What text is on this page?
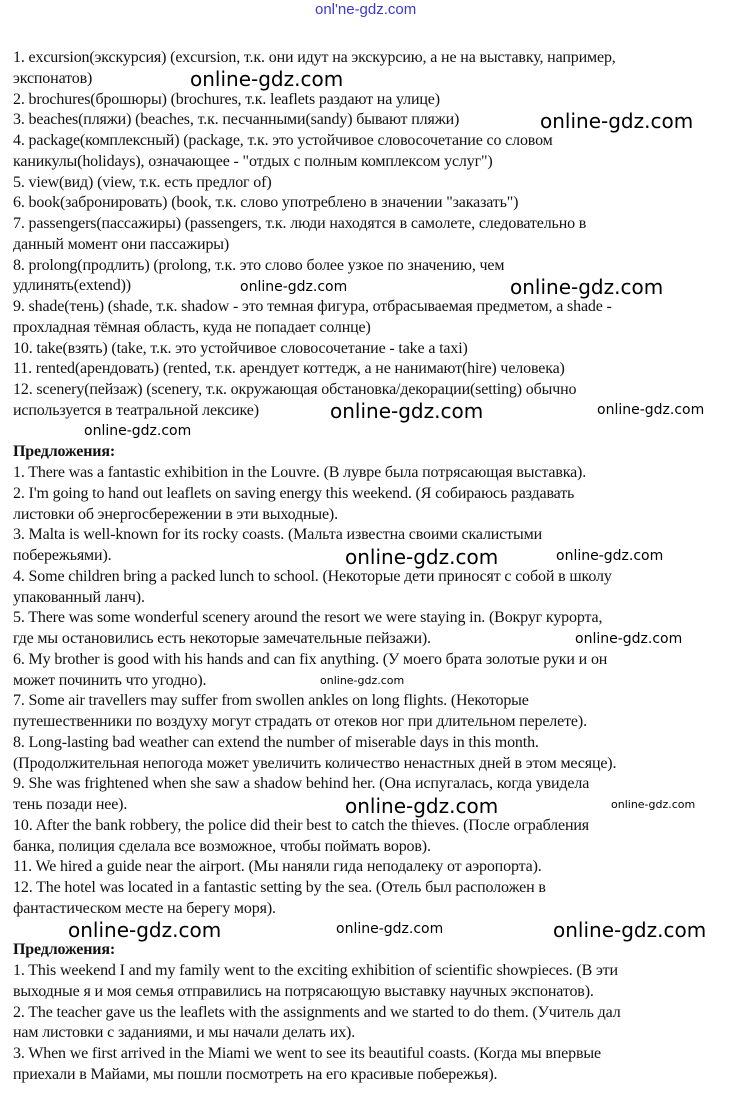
onl'ne-gdz.com
1. excursion(экскурсия) (excursion, т.к. они идут на экскурсию, а не на выставку, например,
экспонатов)
2. brochures(брошюры) (brochures, т.к. leaflets раздают на улице)
3. beaches(пляжи) (beaches, т.к. песчанными(sandy) бывают пляжи)
4. package(комплексный) (package, т.к. это устойчивое словосочетание со словом
каникулы(holidays), означающее - "отдых с полным комплексом услуг")
5. view(вид) (view, т.к. есть предлог of)
6. book(забронировать) (book, т.к. слово употреблено в значении "заказать")
7. passengers(пассажиры) (passengers, т.к. люди находятся в самолете, следовательно в
данный момент они пассажиры)
8. prolong(продлить) (prolong, т.к. это слово более узкое по значению, чем
удлинять(extend))
9. shade(тень) (shade, т.к. shadow - это темная фигура, отбрасываемая предметом, а shade -
прохладная тёмная область, куда не попадает солнце)
10. take(взять) (take, т.к. это устойчивое словосочетание - take a taxi)
11. rented(арендовать) (rented, т.к. арендует коттедж, а не нанимают(hire) человека)
12. scenery(пейзаж) (scenery, т.к. окружающая обстановка/декорации(setting) обычно
используется в театральной лексике)
Предложения:
1. There was a fantastic exhibition in the Louvre. (В лувре была потрясающая выставка).
2. I'm going to hand out leaflets on saving energy this weekend. (Я собираюсь раздавать
листовки об энергосбережении в эти выходные).
3. Malta is well-known for its rocky coasts. (Мальта известна своими скалистыми
побережьями).
4. Some children bring a packed lunch to school. (Некоторые дети приносят с собой в школу
упакованный ланч).
5. There was some wonderful scenery around the resort we were staying in. (Вокруг курорта,
где мы остановились есть некоторые замечательные пейзажи).
6. My brother is good with his hands and can fix anything. (У моего брата золотые руки и он
может починить что угодно).
7. Some air travellers may suffer from swollen ankles on long flights. (Некоторые
путешественники по воздуху могут страдать от отеков ног при длительном перелете).
8. Long-lasting bad weather can extend the number of miserable days in this month.
(Продолжительная непогода может увеличить количество ненастных дней в этом месяце).
9. She was frightened when she saw a shadow behind her. (Она испугалась, когда увидела
тень позади нее).
10. After the bank robbery, the police did their best to catch the thieves. (После ограбления
банка, полиция сделала все возможное, чтобы поймать воров).
11. We hired a guide near the airport. (Мы наняли гида неподалеку от аэропорта).
12. The hotel was located in a fantastic setting by the sea. (Отель был расположен в
фантастическом месте на берегу моря).
Предложения:
1. This weekend I and my family went to the exciting exhibition of scientific showpieces. (В эти
выходные я и моя семья отправились на потрясающую выставку научных экспонатов).
2. The teacher gave us the leaflets with the assignments and we started to do them. (Учитель дал
нам листовки с заданиями, и мы начали делать их).
3. When we first arrived in the Miami we went to see its beautiful coasts. (Когда мы впервые
приехали в Майами, мы пошли посмотреть на его красивые побережья).
online-gdz.com
online-gdz.com
online-gdz.com	online-gdz.com
online-gdz.com
online-gdz.com
online-gdz.com
online-gdz.com	online-gdz.com
online-gdz.com
online-gdz.com
online-gdz.com	online-gdz.com
online-gdz.com	online-gdz.com	online-gdz.com
